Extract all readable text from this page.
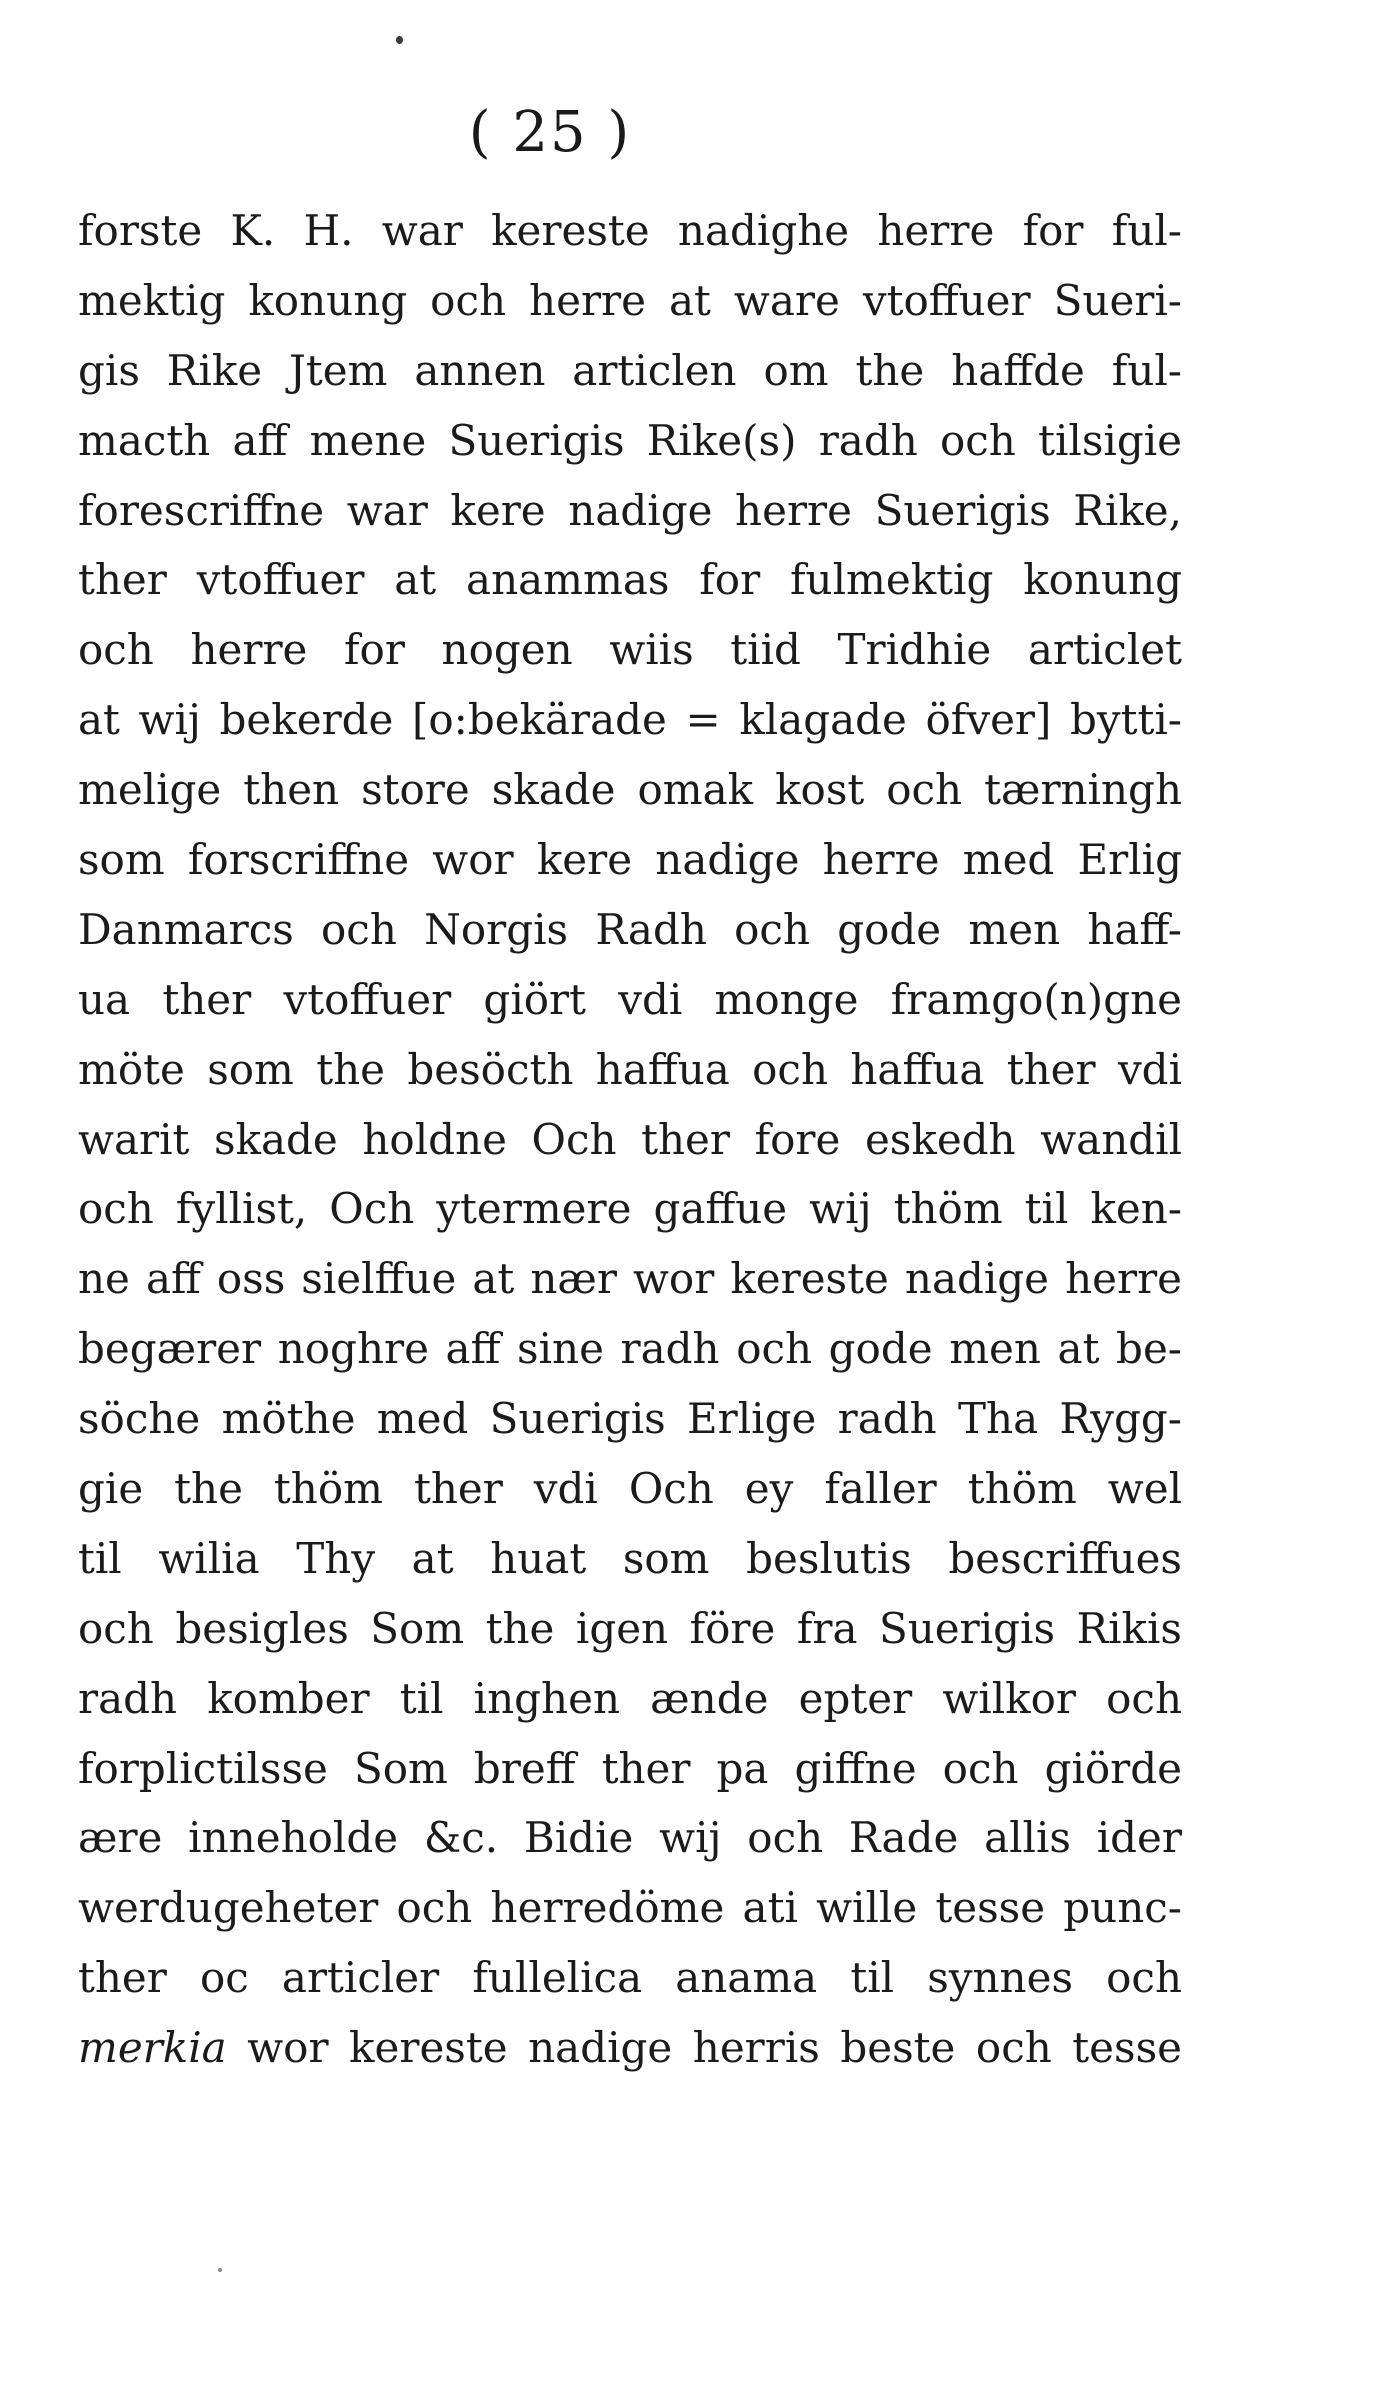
( 25 )
forste K. H. war kereste nadighe herre for ful-
mektig konung och herre at ware vtoffuer Sueri-
gis Rike Jtem annen articlen om the haffde ful-
macth aff mene Suerigis Rike(s) radh och tilsigie
forescriffne war kere nadige herre Suerigis Rike,
ther vtoffuer at anammas for fulmektig konung
och herre for nogen wiis tiid Tridhie articlet
at wij bekerde [o:bekärade = klagade öfver] bytti-
melige then store skade omak kost och tærningh
som forscriffne wor kere nadige herre med Erlig
Danmarcs och Norgis Radh och gode men haff-
ua ther vtoffuer giört vdi monge framgo(n)gne
möte som the besöcth haffua och haffua ther vdi
warit skade holdne Och ther fore eskedh wandil
och fyllist, Och ytermere gaffue wij thöm til ken-
ne aff oss sielffue at nær wor kereste nadige herre
begærer noghre aff sine radh och gode men at be-
söche möthe med Suerigis Erlige radh Tha Rygg-
gie the thöm ther vdi Och ey faller thöm wel
til wilia Thy at huat som beslutis bescriffues
och besigles Som the igen före fra Suerigis Rikis
radh komber til inghen ænde epter wilkor och
forplictilsse Som breff ther pa giffne och giörde
ære inneholde &c. Bidie wij och Rade allis ider
werdugeheter och herredöme ati wille tesse punc-
ther oc articler fullelica anama til synnes och
merkia wor kereste nadige herris beste och tesse
